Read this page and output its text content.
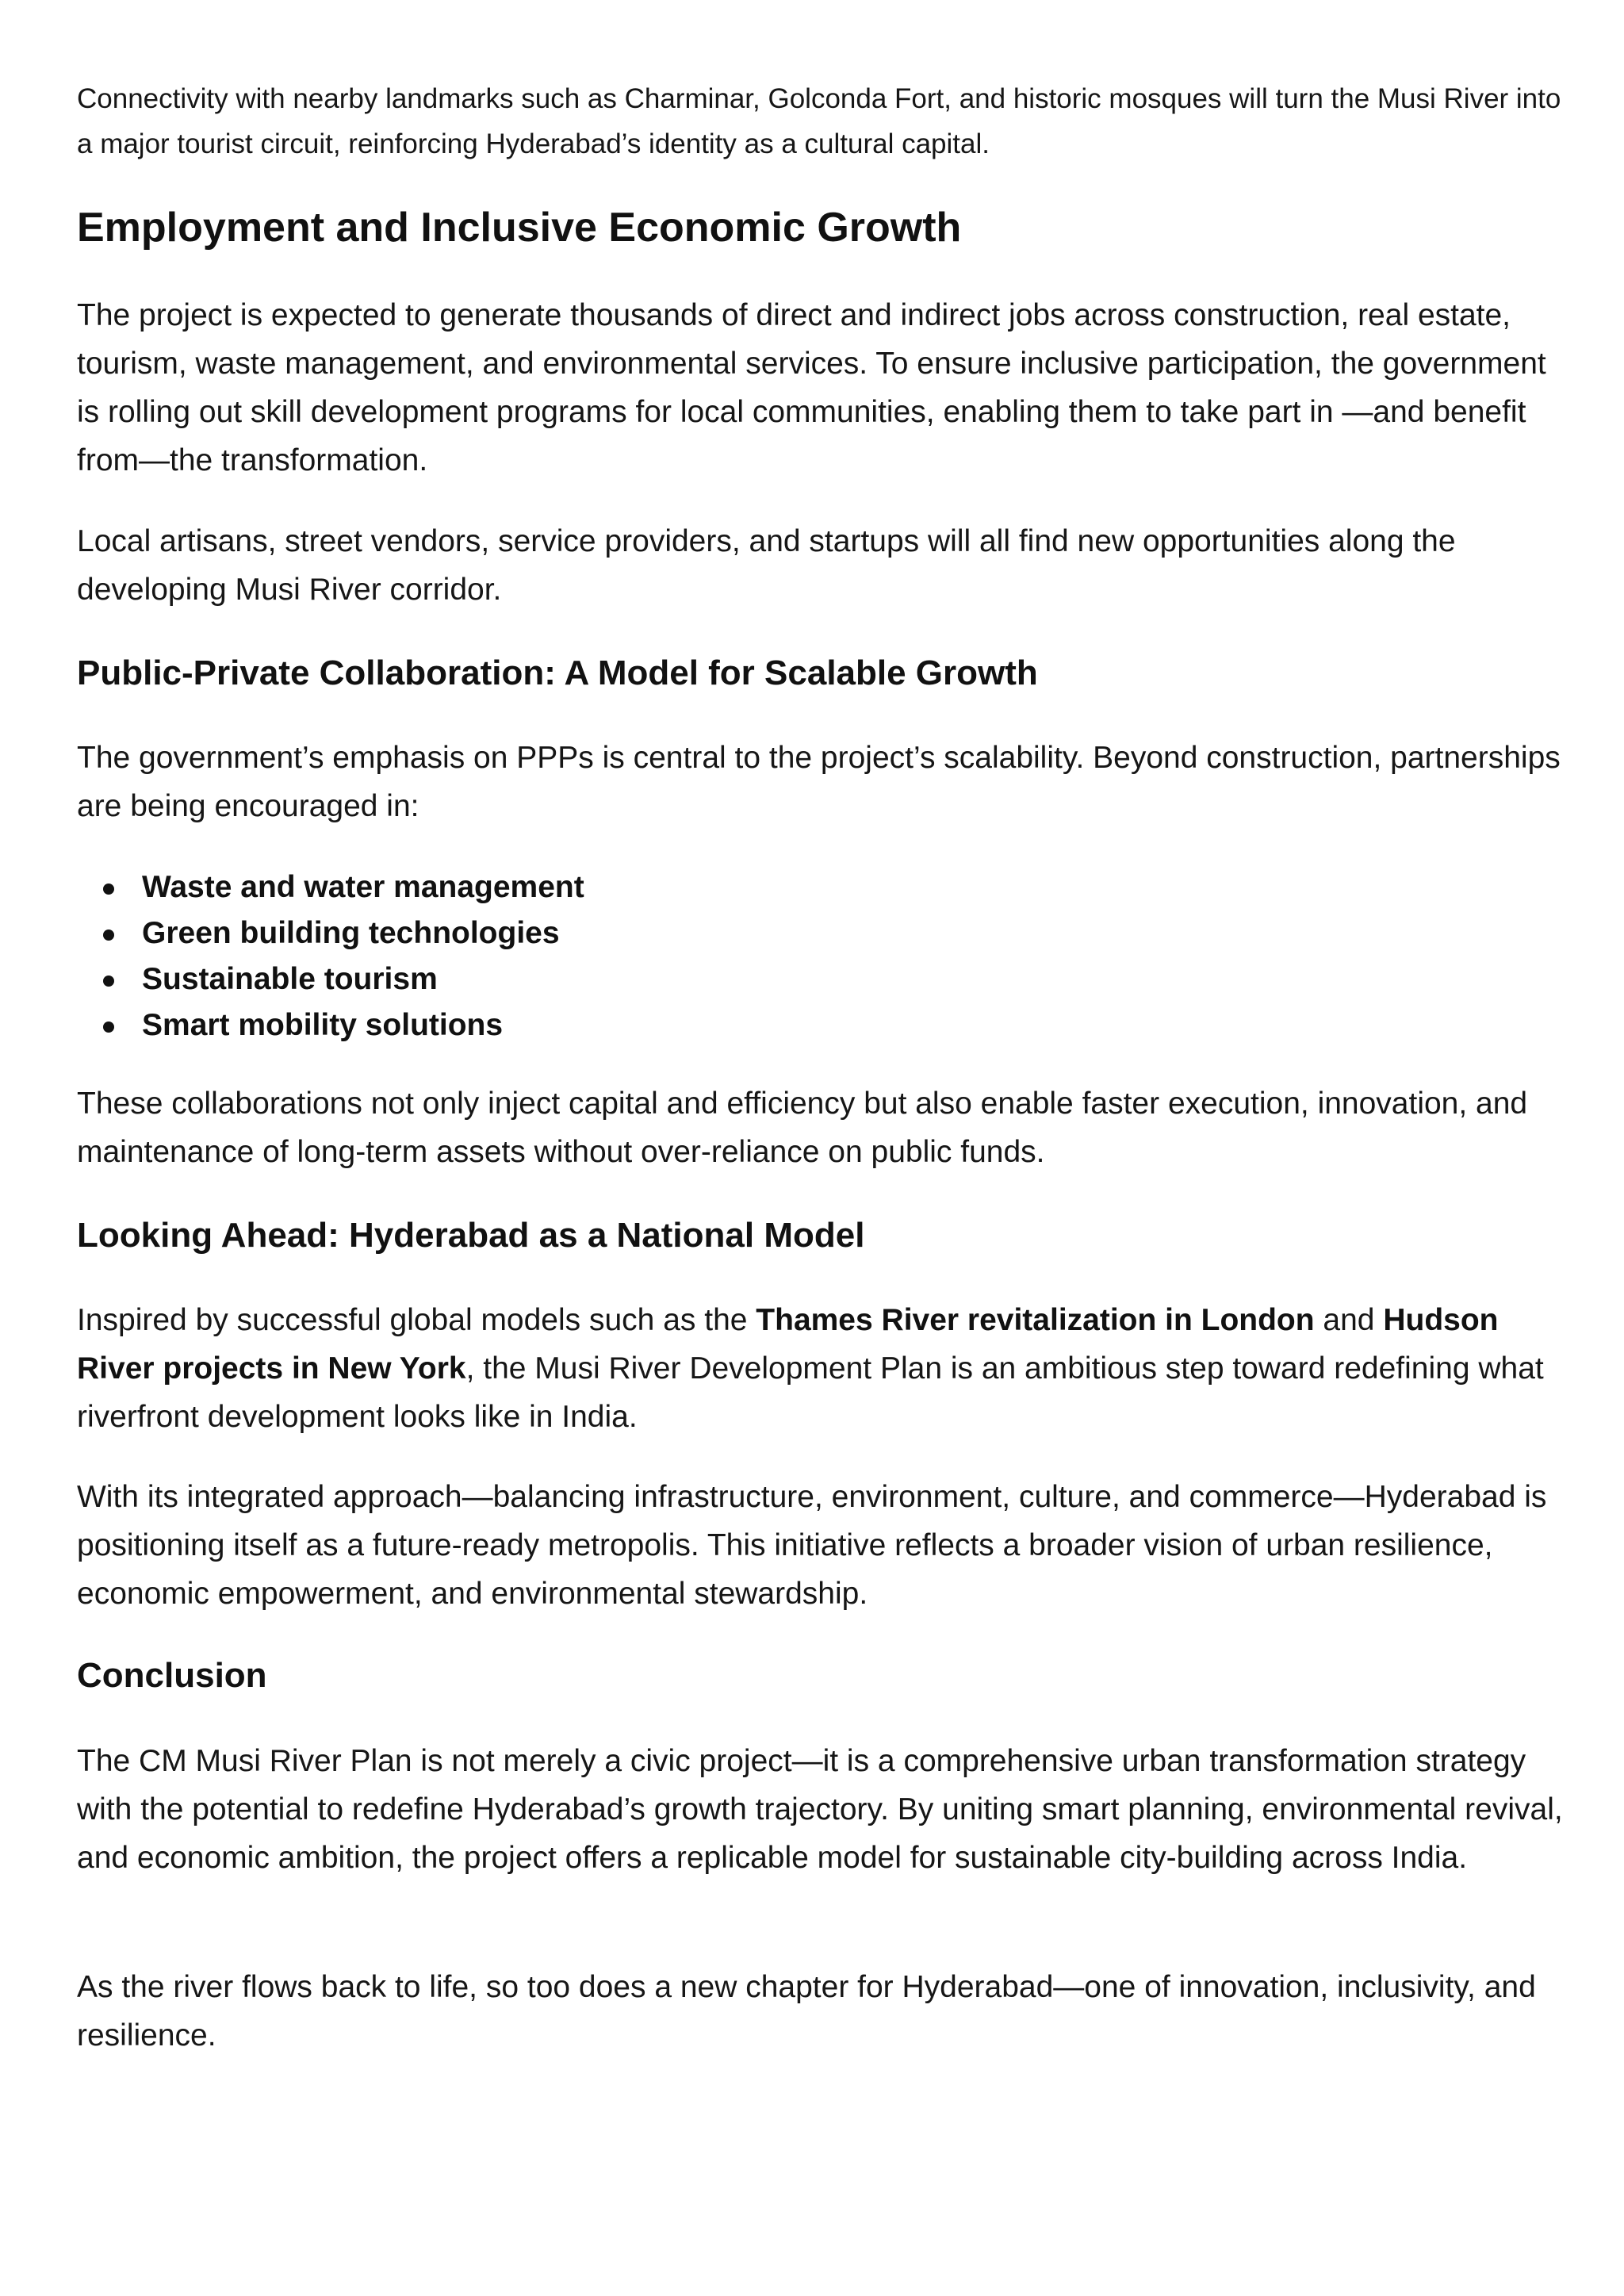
Connectivity with nearby landmarks such as Charminar, Golconda Fort, and historic mosques will turn the Musi River into a major tourist circuit, reinforcing Hyderabad’s identity as a cultural capital.

Employment and Inclusive Economic Growth

The project is expected to generate thousands of direct and indirect jobs across construction, real estate, tourism, waste management, and environmental services. To ensure inclusive participation, the government is rolling out skill development programs for local communities, enabling them to take part in —and benefit from—the transformation.

Local artisans, street vendors, service providers, and startups will all find new opportunities along the developing Musi River corridor.

Public-Private Collaboration: A Model for Scalable Growth

The government’s emphasis on PPPs is central to the project’s scalability. Beyond construction, partnerships are being encouraged in:

Waste and water management
Green building technologies
Sustainable tourism
Smart mobility solutions

These collaborations not only inject capital and efficiency but also enable faster execution, innovation, and maintenance of long-term assets without over-reliance on public funds.

Looking Ahead: Hyderabad as a National Model

Inspired by successful global models such as the Thames River revitalization in London and Hudson River projects in New York, the Musi River Development Plan is an ambitious step toward redefining what riverfront development looks like in India.

With its integrated approach—balancing infrastructure, environment, culture, and commerce—Hyderabad is positioning itself as a future-ready metropolis. This initiative reflects a broader vision of urban resilience, economic empowerment, and environmental stewardship.

Conclusion

The CM Musi River Plan is not merely a civic project—it is a comprehensive urban transformation strategy with the potential to redefine Hyderabad’s growth trajectory. By uniting smart planning, environmental revival, and economic ambition, the project offers a replicable model for sustainable city-building across India.

As the river flows back to life, so too does a new chapter for Hyderabad—one of innovation, inclusivity, and resilience.
